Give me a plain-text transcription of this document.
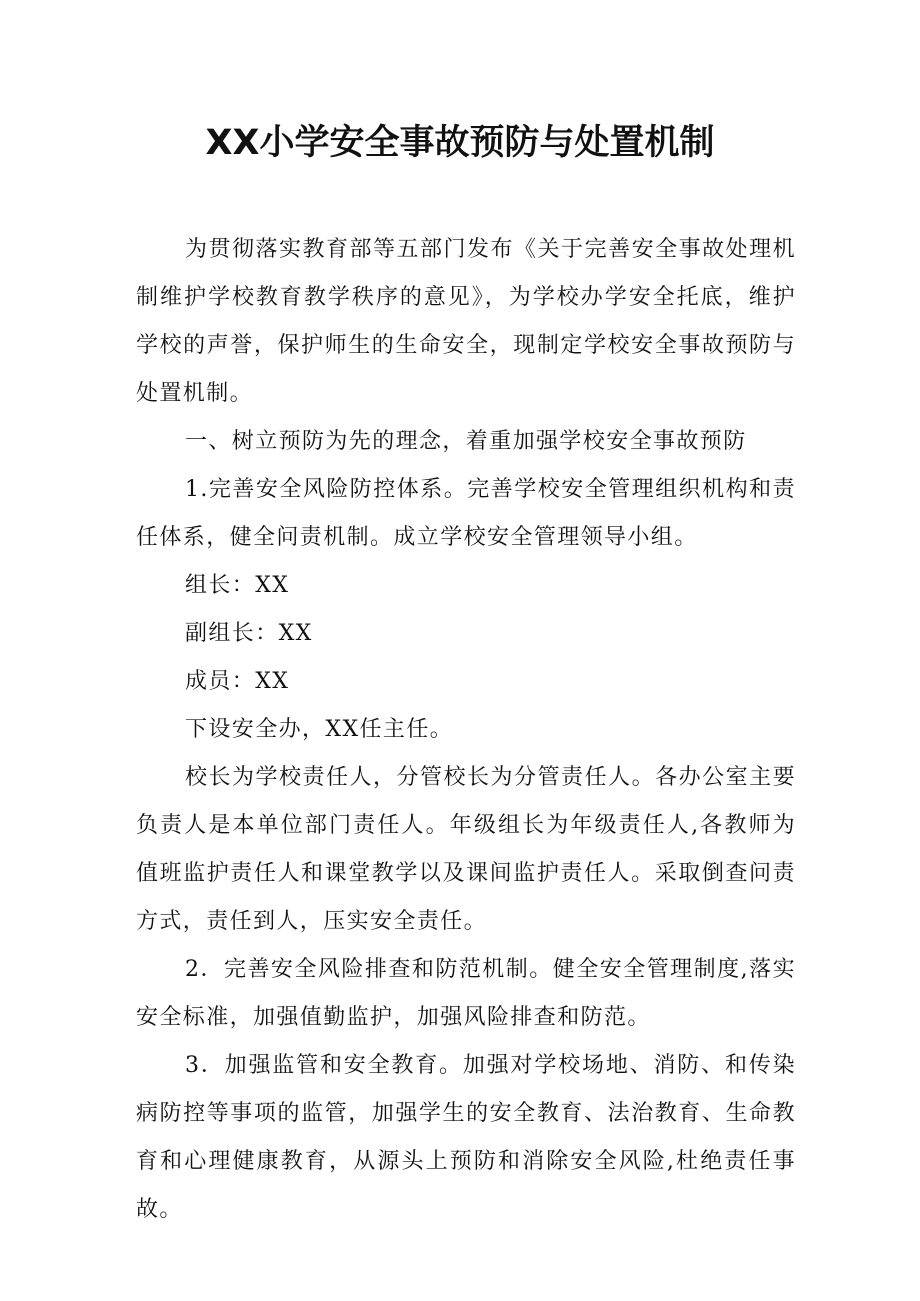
XX小学安全事故预防与处置机制

为贯彻落实教育部等五部门发布《关于完善安全事故处理机制维护学校教育教学秩序的意见》，为学校办学安全托底，维护学校的声誉，保护师生的生命安全，现制定学校安全事故预防与处置机制。

一、树立预防为先的理念，着重加强学校安全事故预防

1.完善安全风险防控体系。完善学校安全管理组织机构和责任体系，健全问责机制。成立学校安全管理领导小组。

组长：XX

副组长：XX

成员：XX

下设安全办，XX任主任。

校长为学校责任人，分管校长为分管责任人。各办公室主要负责人是本单位部门责任人。年级组长为年级责任人,各教师为值班监护责任人和课堂教学以及课间监护责任人。采取倒查问责方式，责任到人，压实安全责任。

2．完善安全风险排查和防范机制。健全安全管理制度,落实安全标准，加强值勤监护，加强风险排查和防范。

3．加强监管和安全教育。加强对学校场地、消防、和传染病防控等事项的监管，加强学生的安全教育、法治教育、生命教育和心理健康教育，从源头上预防和消除安全风险,杜绝责任事故。
